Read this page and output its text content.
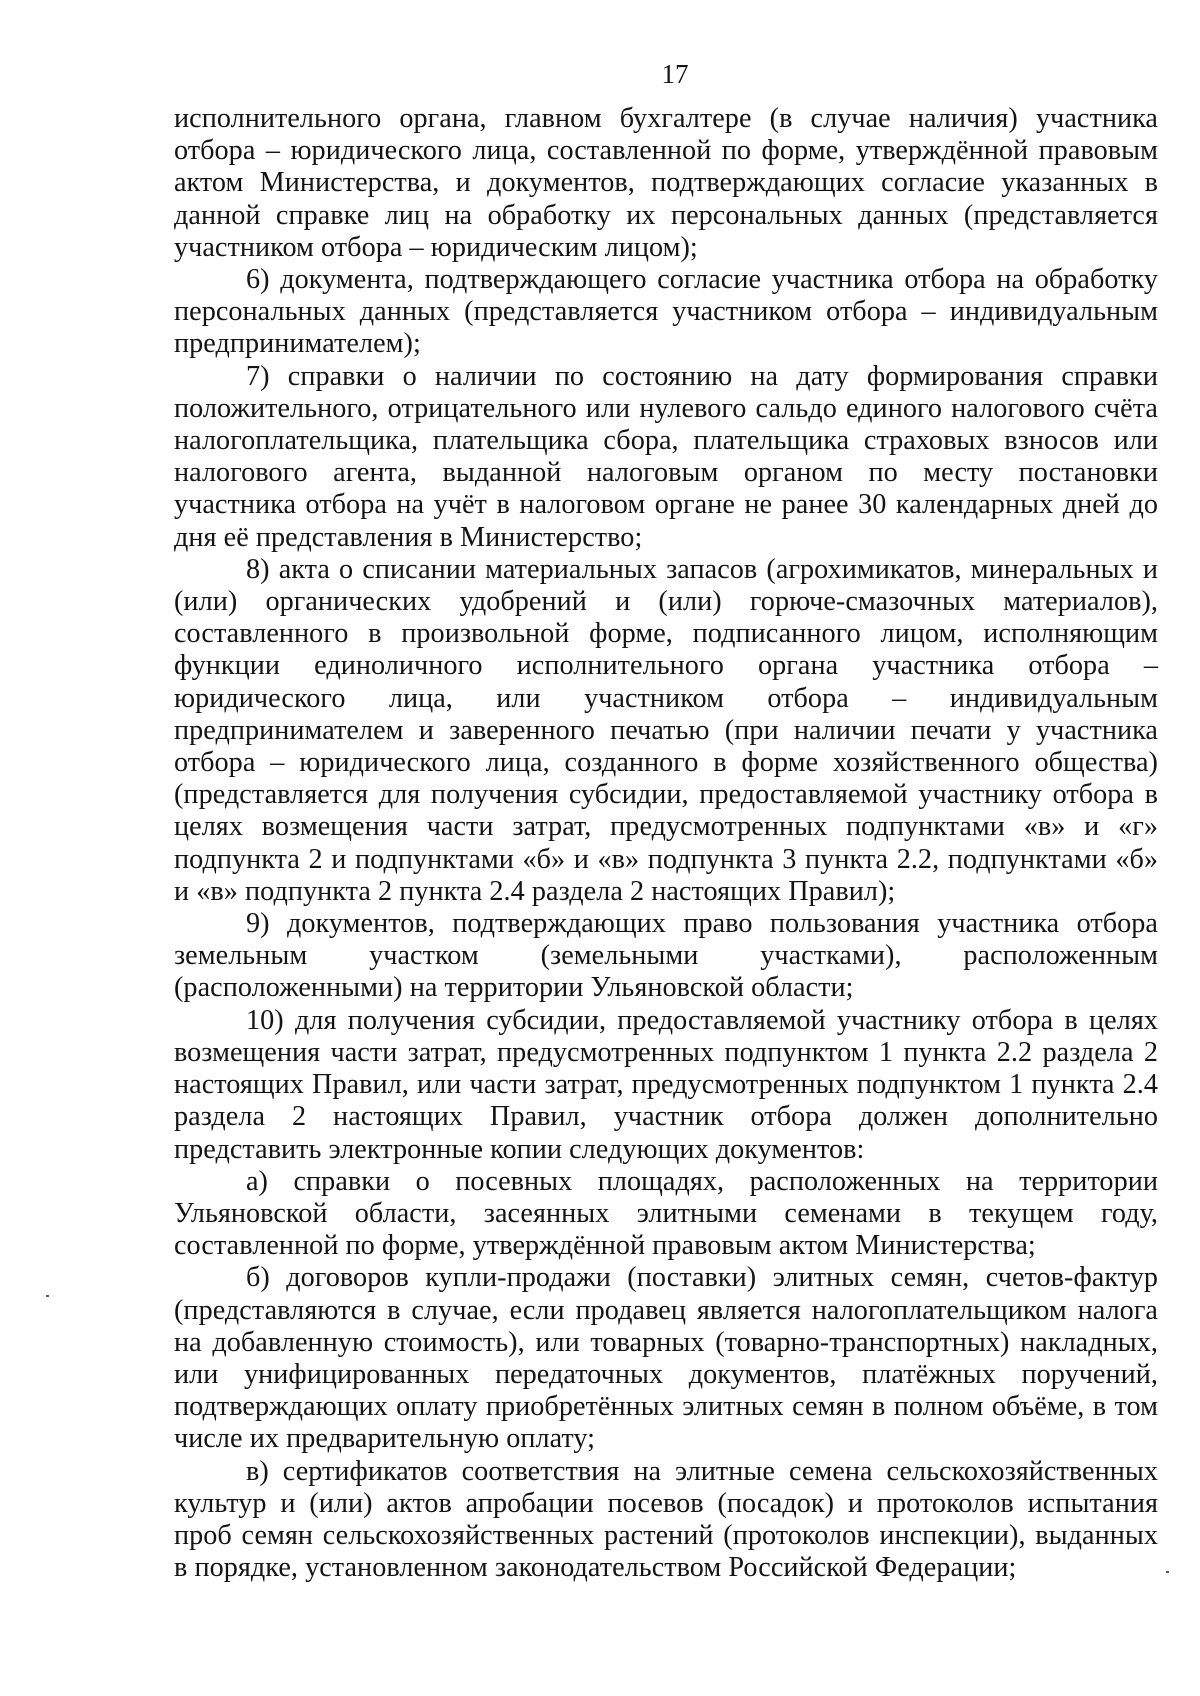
17

исполнительного органа, главном бухгалтере (в случае наличия) участника отбора – юридического лица, составленной по форме, утверждённой правовым актом Министерства, и документов, подтверждающих согласие указанных в данной справке лиц на обработку их персональных данных (представляется участником отбора – юридическим лицом);

6) документа, подтверждающего согласие участника отбора на обработку персональных данных (представляется участником отбора – индивидуальным предпринимателем);

7) справки о наличии по состоянию на дату формирования справки положительного, отрицательного или нулевого сальдо единого налогового счёта налогоплательщика, плательщика сбора, плательщика страховых взносов или налогового агента, выданной налоговым органом по месту постановки участника отбора на учёт в налоговом органе не ранее 30 календарных дней до дня её представления в Министерство;

8) акта о списании материальных запасов (агрохимикатов, минеральных и (или) органических удобрений и (или) горюче-смазочных материалов), составленного в произвольной форме, подписанного лицом, исполняющим функции единоличного исполнительного органа участника отбора – юридического лица, или участником отбора – индивидуальным предпринимателем и заверенного печатью (при наличии печати у участника отбора – юридического лица, созданного в форме хозяйственного общества) (представляется для получения субсидии, предоставляемой участнику отбора в целях возмещения части затрат, предусмотренных подпунктами «в» и «г» подпункта 2 и подпунктами «б» и «в» подпункта 3 пункта 2.2, подпунктами «б» и «в» подпункта 2 пункта 2.4 раздела 2 настоящих Правил);

9) документов, подтверждающих право пользования участника отбора земельным участком (земельными участками), расположенным (расположенными) на территории Ульяновской области;

10) для получения субсидии, предоставляемой участнику отбора в целях возмещения части затрат, предусмотренных подпунктом 1 пункта 2.2 раздела 2 настоящих Правил, или части затрат, предусмотренных подпунктом 1 пункта 2.4 раздела 2 настоящих Правил, участник отбора должен дополнительно представить электронные копии следующих документов:

а) справки о посевных площадях, расположенных на территории Ульяновской области, засеянных элитными семенами в текущем году, составленной по форме, утверждённой правовым актом Министерства;

б) договоров купли-продажи (поставки) элитных семян, счетов-фактур (представляются в случае, если продавец является налогоплательщиком налога на добавленную стоимость), или товарных (товарно-транспортных) накладных, или унифицированных передаточных документов, платёжных поручений, подтверждающих оплату приобретённых элитных семян в полном объёме, в том числе их предварительную оплату;

в) сертификатов соответствия на элитные семена сельскохозяйственных культур и (или) актов апробации посевов (посадок) и протоколов испытания проб семян сельскохозяйственных растений (протоколов инспекции), выданных в порядке, установленном законодательством Российской Федерации;
